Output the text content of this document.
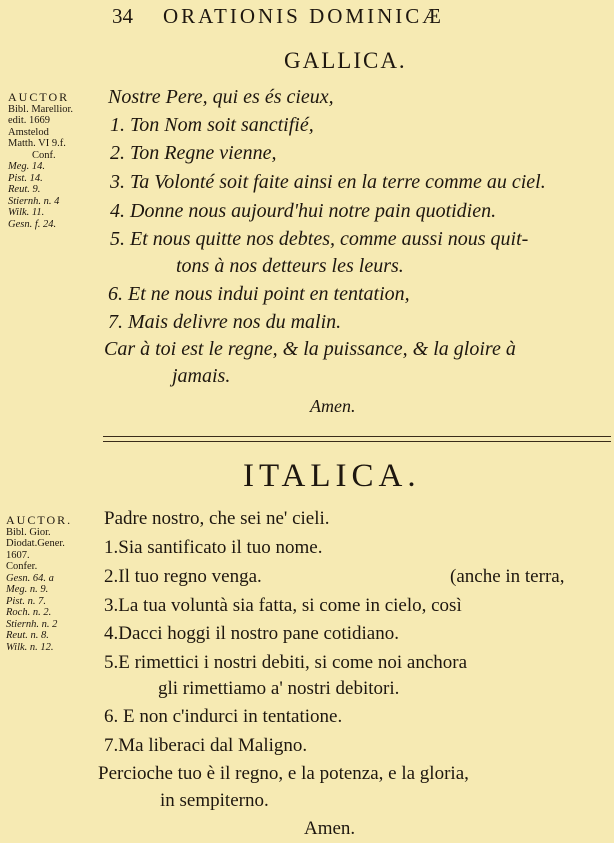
34 ORATIONIS DOMINICÆ
GALLICA.
AUCTOR
Bibl. Marellior.
edit. 1669
Amstelod
Matth. VI 9.f.
Conf.
Meg. 14.
Pist. 14.
Reut. 9.
Stiernh. n. 4
Wilk. 11.
Gesn. f. 24.
Nostre Pere, qui es és cieux,
1. Ton Nom soit sanctifié,
2. Ton Regne vienne,
3. Ta Volonté soit faite ainsi en la terre comme au ciel.
4. Donne nous aujourd'hui notre pain quotidien.
5. Et nous quitte nos debtes, comme aussi nous quit-
tons à nos detteurs les leurs.
6. Et ne nous indui point en tentation,
7. Mais delivre nos du malin.
Car à toi est le regne, & la puissance, & la gloire à
jamais.
Amen.
ITALICA.
AUCTOR.
Bibl. Gior.
Diodat.Gener.
1607.
Confer.
Gesn. 64. a
Meg. n. 9.
Pist. n. 7.
Roch. n. 2.
Stiernh. n. 2
Reut. n. 8.
Wilk. n. 12.
Padre nostro, che sei ne' cieli.
1.Sia santificato il tuo nome.
2.Il tuo regno venga.	(anche in terra,
3.La tua voluntà sia fatta, si come in cielo, così
4.Dacci hoggi il nostro pane cotidiano.
5.E rimettici i nostri debiti, si come noi anchora
gli rimettiamo a' nostri debitori.
6. E non c'indurci in tentatione.
7.Ma liberaci dal Maligno.
Percioche tuo è il regno, e la potenza, e la gloria,
in sempiterno.
Amen.
